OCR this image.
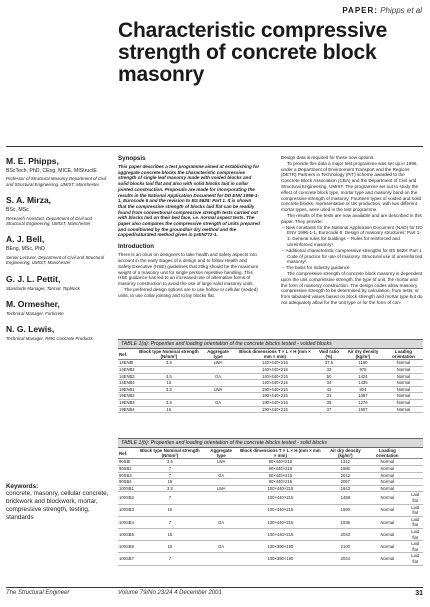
PAPER: Phipps et al
Characteristic compressive strength of concrete block masonry
M. E. Phipps,
BScTech, PhD, CEng, MICE, MIStructE
Professor of Structural Masonry Department of Civil and Structural Engineering, UMIST, Manchester
S. A. Mirza,
BSc, MSc
Research Assistant, Department of Civil and Structural Engineering, UMIST, Manchester
A. J. Bell,
BEng, MSc, PhD
Senior Lecturer, Department of Civil and Structural Engineering, UMIST, Manchester
G. J. L. Pettit,
Standards Manager, Tarmac Topblock
M. Ormesher,
Technical Manager, Forticrete
N. G. Lewis,
Technical Manager, RMC Concrete Products
Synopsis

This paper describes a test programme aimed at establishing for aggregate concrete blocks the characteristic compressive strength of single leaf masonry made with voided blocks and solid blocks laid flat and also with solid blocks laid in collar jointed construction. Proposals are made for incorporating the results in the National Application Document for DD ENV 1996-1-1, Eurocode 6 and the revision to BS 5628: Part 1. It is shown that the compressive strength of blocks laid flat can be readily found from conventional compressive strength tests carried out with blocks laid on their bed face, i.e. normal aspect tests. The paper also compares the compressive strength of units prepared and conditioned by the ground/air dry method and the capped/saturated method given in prEN772-1.

Introduction

There is an onus on designers to take health and safety aspects into account in the early stages of a design and to follow Health and Safety Executive (HSE) guidelines that 20kg should be the maximum weight of a masonry unit for single person repetitive handling. This HSE guidance has led to an increased use of alternative forms of masonry construction to avoid the use of large solid masonry units.

The preferred design options are to use hollow or cellular (voided) units, to use collar jointing and to lay blocks flat.

Design data is required for these new options.

To provide this data a major test programme was set up in 1996, under a Department of Environment Transport and the Regions (DETR) Partners in Technology (PiT) scheme awarded to the Concrete Block Association (CBA) and the Department of Civil and Structural Engineering, UMIST. The programme set out to study the effect of concrete block type, mortar type and masonry band on the compressive strength of masonry. Fourteen types of voided and solid concrete blocks, representative of UK production, with two different mortar types, were used in the test programme.

The results of the tests are now available and are described in this paper. They provide:

– New constants for the National Application Document (NAD) for DD ENV 1996-1-1, Eurocode 6: Design of masonry structures: Part 1-1. General rules for buildings – Rules for reinforced and unreinforced masonry¹.
– Additional characteristic compressive strengths for BS 5628: Part 1 Code of practice for use of masonry, Structural use of unreinforced masonry².
– The basis for industry guidance.

The compressive strength of concrete block masonry is dependent upon the unit compressive strength, the type of unit, the mortar and the form of masonry construction. The design codes allow masonry compressive strength to be determined by calculation, from tests, or from tabulated values based on block strength and mortar type but do not adequately allow for the unit type or for the form of con-

TABLE 1(a): Properties and loading orientation of the concrete blocks tested - voided blocks
Ref.	Block type Nominal strength (N/mm²)	Aggregate type	Block dimensions T × L × H (mm × mm × mm)	Void ratio (%)	Air dry density (kg/m³)	Loading orientation
14ENBI	3.5	LWA	140×440×215	37.5	1160	Normal
14ENB2			140×440×215	32	975	Normal
14ENB3	3.5	GA	140×440×215	50	1424	Normal
14ENB4	15		140×440×215	34	1435	Normal
19ENB1	3.5	LWA	190×440×215	42	824	Normal
19ENB2			190×440×215	31	1087	Normal
19ENB3	3.5	GA	190×440×215	35	1276	Normal
19ENB4	15		190×440×215	37	1507	Normal
TABLE 1(b): Properties and loading orientation of the concrete blocks tested - solid blocks
Ref.	Block type Nominal strength (N/mm²)	Aggregate type	Block dimensions T × L × H (mm × mm × mm)	Air dry density (kg/m³)	Loading orientation	
90SBI	3.5	LWA	90×440×215	1312	Normal	
90SB2	7		90×440×215	1580	Normal	
90SB3	7	GA	90×440×215	2012	Normal	
90SB4	15		90×440×215	2057	Normal	
100SB1	3.5	LWA	100×440×215	1643	Normal	
100SB2	7		100×440×215	1468	Normal	Laid flat
100SB3	10		100×440×215	1500	Normal	Laid flat
100SB4	7	GA	100×440×215	1936	Normal	Laid flat
100SB5	15		100×440×215	2043	Normal	Laid flat
100SB6	10	GA	100×390×190	2100	Normal	Laid flat
100SB7	7		100×390×190	2044	Normal	Laid flat
Keywords:
concrete, masonry, cellular concrete, brickwork and blockwork, mortar, compressive strength, testing, standards
The Structural Engineer	Volume 79/No 23/24 4 December 2001	31
